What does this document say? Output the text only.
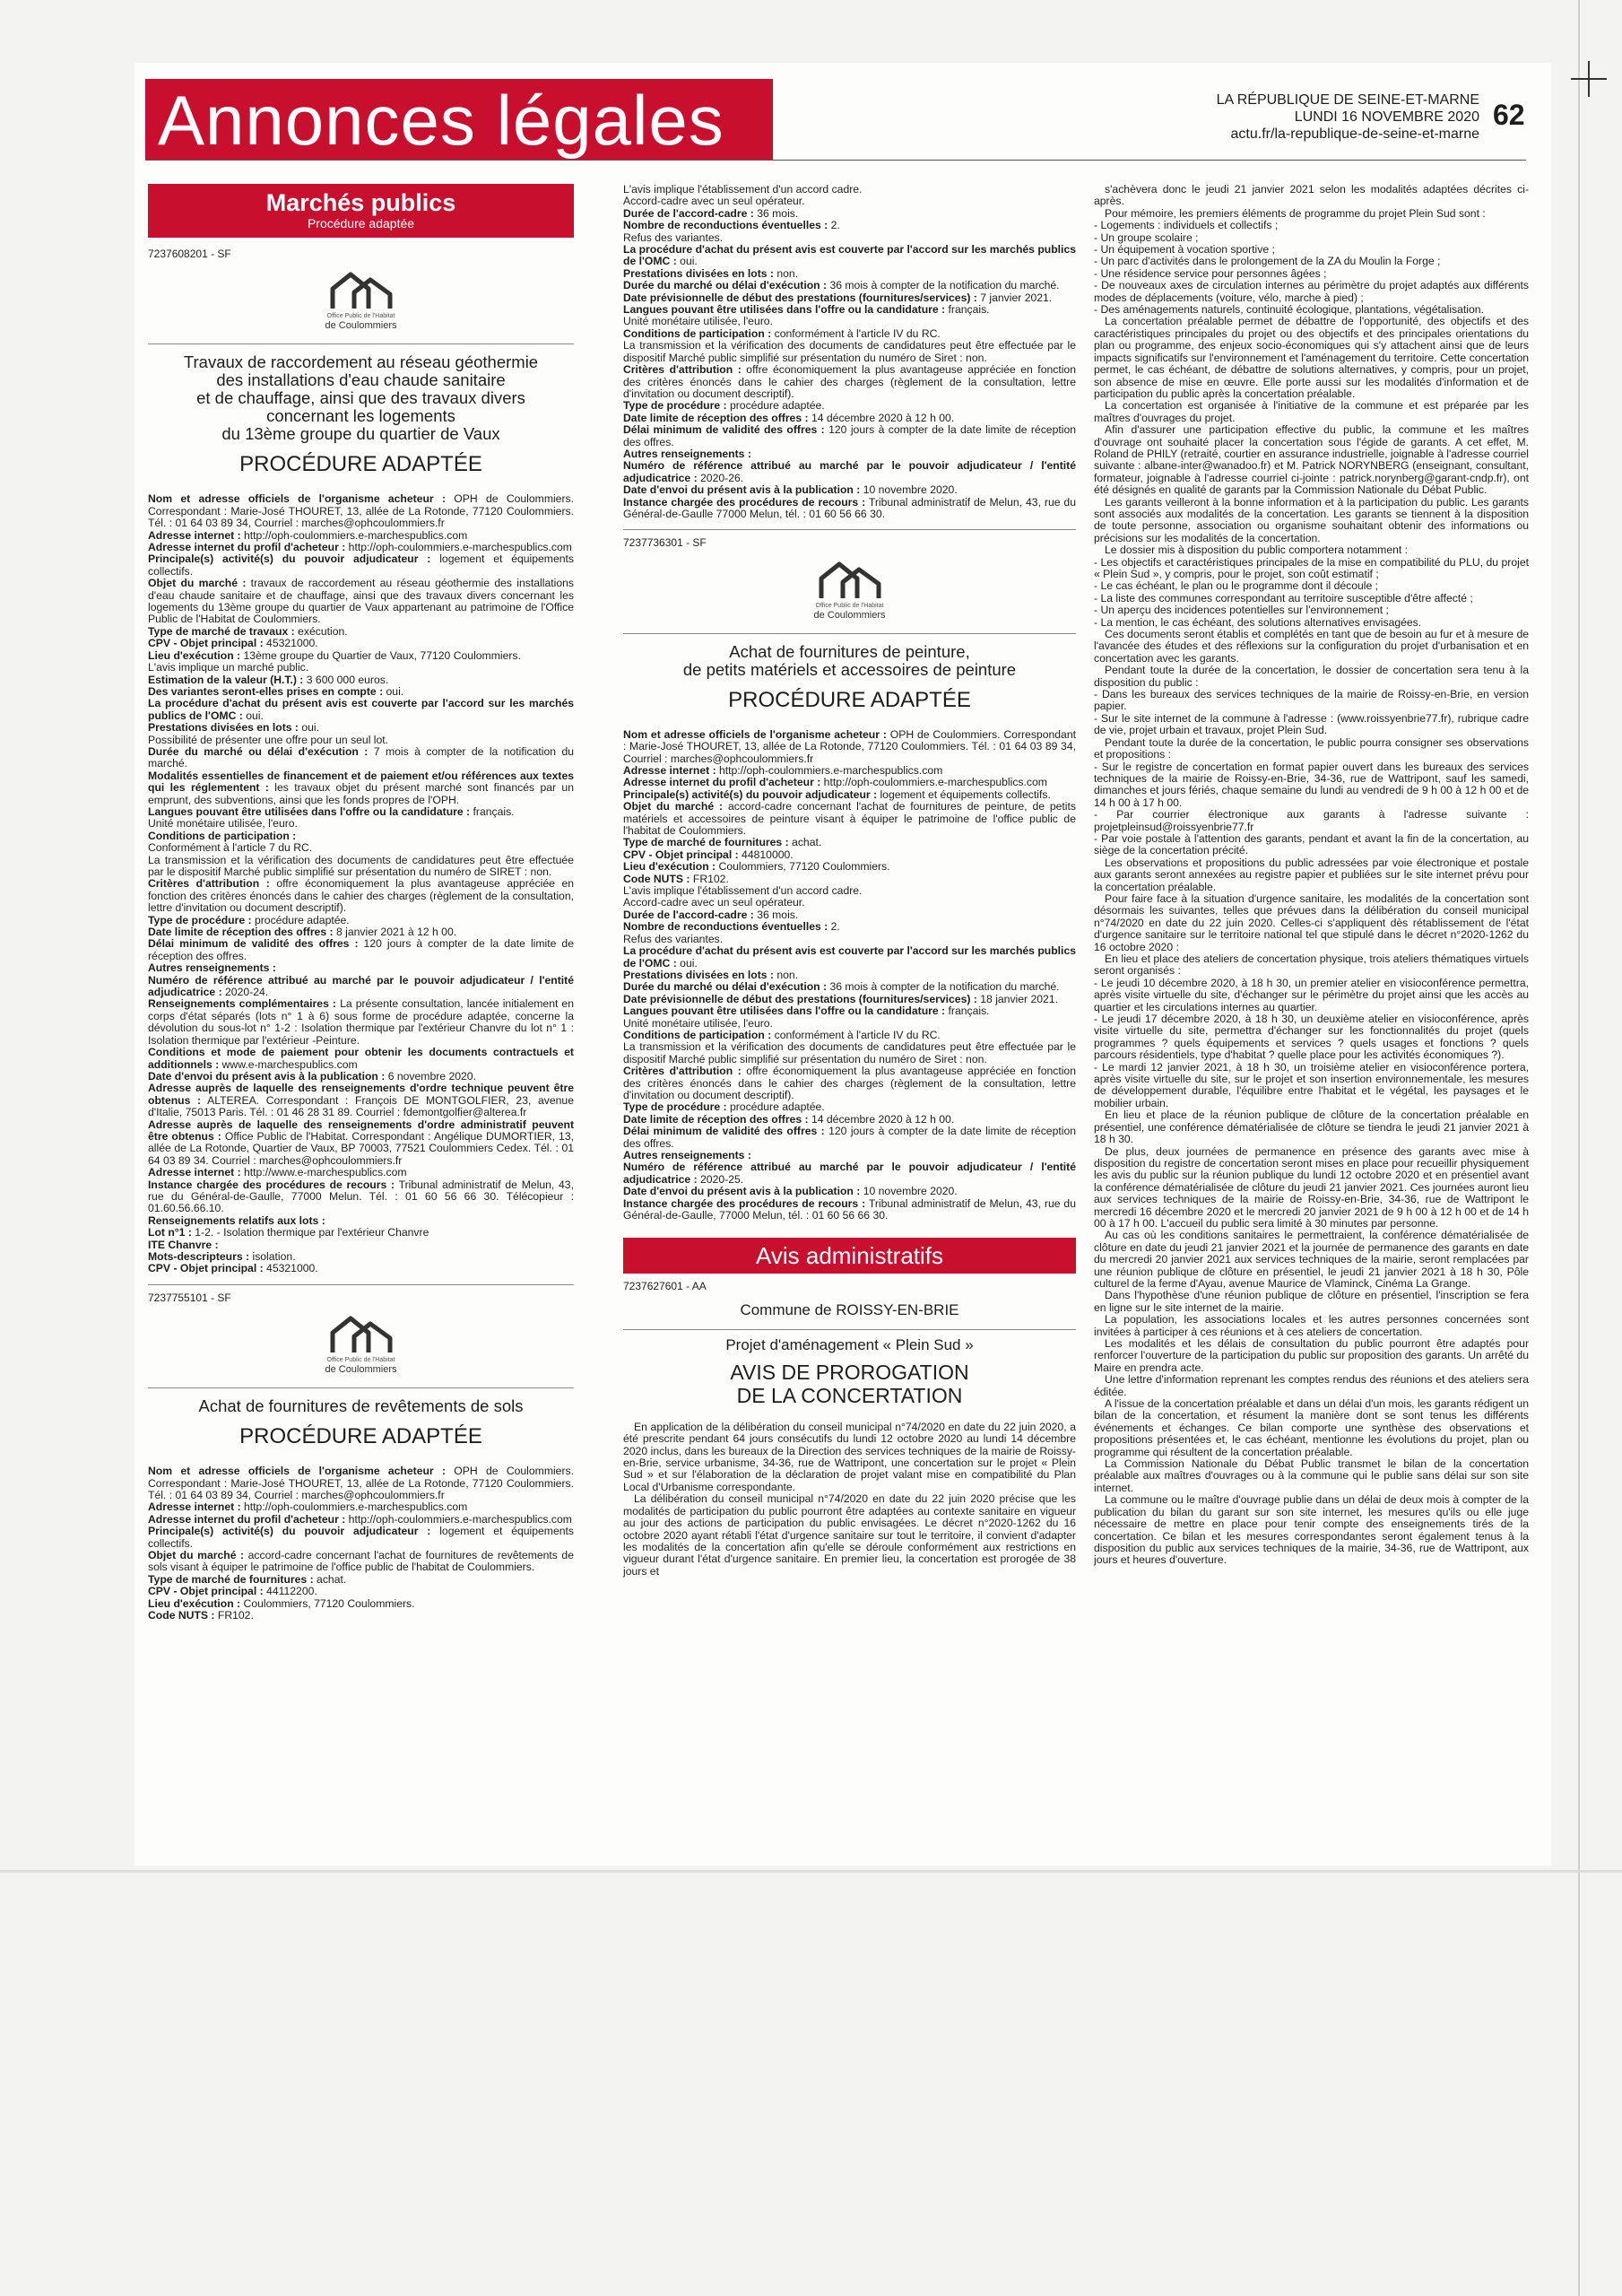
Annonces légales	LA RÉPUBLIQUE DE SEINE-ET-MARNE
LUNDI 16 NOVEMBRE 2020
actu.fr/la-republique-de-seine-et-marne
62
Marchés publics
Procédure adaptée
7237608201 - SF
Office Public de l'Habitat
de Coulommiers
Travaux de raccordement au réseau géothermie
des installations d'eau chaude sanitaire
et de chauffage, ainsi que des travaux divers
concernant les logements
du 13ème groupe du quartier de Vaux
PROCÉDURE ADAPTÉE

Nom et adresse officiels de l'organisme acheteur : OPH de Coulommiers. Correspondant : Marie-José THOURET, 13, allée de La Rotonde, 77120 Coulommiers. Tél. : 01 64 03 89 34, Courriel : marches@ophcoulommiers.fr

Adresse internet : http://oph-coulommiers.e-marchespublics.com

Adresse internet du profil d'acheteur : http://oph-coulommiers.e-marchespublics.com

Principale(s) activité(s) du pouvoir adjudicateur : logement et équipements collectifs.

Objet du marché : travaux de raccordement au réseau géothermie des installations d'eau chaude sanitaire et de chauffage, ainsi que des travaux divers concernant les logements du 13ème groupe du quartier de Vaux appartenant au patrimoine de l'Office Public de l'Habitat de Coulommiers.

Type de marché de travaux : exécution.

CPV - Objet principal : 45321000.

Lieu d'exécution : 13ème groupe du Quartier de Vaux, 77120 Coulommiers.

L'avis implique un marché public.

Estimation de la valeur (H.T.) : 3 600 000 euros.

Des variantes seront-elles prises en compte : oui.

La procédure d'achat du présent avis est couverte par l'accord sur les marchés publics de l'OMC : oui.

Prestations divisées en lots : oui.

Possibilité de présenter une offre pour un seul lot.

Durée du marché ou délai d'exécution : 7 mois à compter de la notification du marché.

Modalités essentielles de financement et de paiement et/ou références aux textes qui les réglementent : les travaux objet du présent marché sont financés par un emprunt, des subventions, ainsi que les fonds propres de l'OPH.

Langues pouvant être utilisées dans l'offre ou la candidature : français.

Unité monétaire utilisée, l'euro.

Conditions de participation :

Conformément à l'article 7 du RC.

La transmission et la vérification des documents de candidatures peut être effectuée par le dispositif Marché public simplifié sur présentation du numéro de SIRET : non.

Critères d'attribution : offre économiquement la plus avantageuse appréciée en fonction des critères énoncés dans le cahier des charges (règlement de la consultation, lettre d'invitation ou document descriptif).

Type de procédure : procédure adaptée.

Date limite de réception des offres : 8 janvier 2021 à 12 h 00.

Délai minimum de validité des offres : 120 jours à compter de la date limite de réception des offres.

Autres renseignements :

Numéro de référence attribué au marché par le pouvoir adjudicateur / l'entité adjudicatrice : 2020-24.

Renseignements complémentaires : La présente consultation, lancée initialement en corps d'état séparés (lots n° 1 à 6) sous forme de procédure adaptée, concerne la dévolution du sous-lot n° 1-2 : Isolation thermique par l'extérieur Chanvre du lot n° 1 : Isolation thermique par l'extérieur -Peinture.

Conditions et mode de paiement pour obtenir les documents contractuels et additionnels : www.e-marchespublics.com

Date d'envoi du présent avis à la publication : 6 novembre 2020.

Adresse auprès de laquelle des renseignements d'ordre technique peuvent être obtenus : ALTEREA. Correspondant : François DE MONTGOLFIER, 23, avenue d'Italie, 75013 Paris. Tél. : 01 46 28 31 89. Courriel : fdemontgolfier@alterea.fr

Adresse auprès de laquelle des renseignements d'ordre administratif peuvent être obtenus : Office Public de l'Habitat. Correspondant : Angélique DUMORTIER, 13, allée de La Rotonde, Quartier de Vaux, BP 70003, 77521 Coulommiers Cedex. Tél. : 01 64 03 89 34. Courriel : marches@ophcoulommiers.fr

Adresse internet : http://www.e-marchespublics.com

Instance chargée des procédures de recours : Tribunal administratif de Melun, 43, rue du Général-de-Gaulle, 77000 Melun. Tél. : 01 60 56 66 30. Télécopieur : 01.60.56.66.10.

Renseignements relatifs aux lots :

Lot n°1 : 1-2. - Isolation thermique par l'extérieur Chanvre

ITE Chanvre :

Mots-descripteurs : isolation.

CPV - Objet principal : 45321000.

7237755101 - SF
Office Public de l'Habitat
de Coulommiers
Achat de fournitures de revêtements de sols
PROCÉDURE ADAPTÉE

Nom et adresse officiels de l'organisme acheteur : OPH de Coulommiers. Correspondant : Marie-José THOURET, 13, allée de La Rotonde, 77120 Coulommiers. Tél. : 01 64 03 89 34, Courriel : marches@ophcoulommiers.fr

Adresse internet : http://oph-coulommiers.e-marchespublics.com

Adresse internet du profil d'acheteur : http://oph-coulommiers.e-marchespublics.com

Principale(s) activité(s) du pouvoir adjudicateur : logement et équipements collectifs.

Objet du marché : accord-cadre concernant l'achat de fournitures de revêtements de sols visant à équiper le patrimoine de l'office public de l'habitat de Coulommiers.

Type de marché de fournitures : achat.

CPV - Objet principal : 44112200.

Lieu d'exécution : Coulommiers, 77120 Coulommiers.

Code NUTS : FR102.

L'avis implique l'établissement d'un accord cadre.

Accord-cadre avec un seul opérateur.

Durée de l'accord-cadre : 36 mois.

Nombre de reconductions éventuelles : 2.

Refus des variantes.

La procédure d'achat du présent avis est couverte par l'accord sur les marchés publics de l'OMC : oui.

Prestations divisées en lots : non.

Durée du marché ou délai d'exécution : 36 mois à compter de la notification du marché.

Date prévisionnelle de début des prestations (fournitures/services) : 7 janvier 2021.

Langues pouvant être utilisées dans l'offre ou la candidature : français.

Unité monétaire utilisée, l'euro.

Conditions de participation : conformément à l'article IV du RC.

La transmission et la vérification des documents de candidatures peut être effectuée par le dispositif Marché public simplifié sur présentation du numéro de Siret : non.

Critères d'attribution : offre économiquement la plus avantageuse appréciée en fonction des critères énoncés dans le cahier des charges (règlement de la consultation, lettre d'invitation ou document descriptif).

Type de procédure : procédure adaptée.

Date limite de réception des offres : 14 décembre 2020 à 12 h 00.

Délai minimum de validité des offres : 120 jours à compter de la date limite de réception des offres.

Autres renseignements :

Numéro de référence attribué au marché par le pouvoir adjudicateur / l'entité adjudicatrice : 2020-26.

Date d'envoi du présent avis à la publication : 10 novembre 2020.

Instance chargée des procédures de recours : Tribunal administratif de Melun, 43, rue du Général-de-Gaulle 77000 Melun, tél. : 01 60 56 66 30.

7237736301 - SF
Office Public de l'Habitat
de Coulommiers
Achat de fournitures de peinture,
de petits matériels et accessoires de peinture
PROCÉDURE ADAPTÉE

Nom et adresse officiels de l'organisme acheteur : OPH de Coulommiers. Correspondant : Marie-José THOURET, 13, allée de La Rotonde, 77120 Coulommiers. Tél. : 01 64 03 89 34, Courriel : marches@ophcoulommiers.fr

Adresse internet : http://oph-coulommiers.e-marchespublics.com

Adresse internet du profil d'acheteur : http://oph-coulommiers.e-marchespublics.com

Principale(s) activité(s) du pouvoir adjudicateur : logement et équipements collectifs.

Objet du marché : accord-cadre concernant l'achat de fournitures de peinture, de petits matériels et accessoires de peinture visant à équiper le patrimoine de l'office public de l'habitat de Coulommiers.

Type de marché de fournitures : achat.

CPV - Objet principal : 44810000.

Lieu d'exécution : Coulommiers, 77120 Coulommiers.

Code NUTS : FR102.

L'avis implique l'établissement d'un accord cadre.

Accord-cadre avec un seul opérateur.

Durée de l'accord-cadre : 36 mois.

Nombre de reconductions éventuelles : 2.

Refus des variantes.

La procédure d'achat du présent avis est couverte par l'accord sur les marchés publics de l'OMC : oui.

Prestations divisées en lots : non.

Durée du marché ou délai d'exécution : 36 mois à compter de la notification du marché.

Date prévisionnelle de début des prestations (fournitures/services) : 18 janvier 2021.

Langues pouvant être utilisées dans l'offre ou la candidature : français.

Unité monétaire utilisée, l'euro.

Conditions de participation : conformément à l'article IV du RC.

La transmission et la vérification des documents de candidatures peut être effectuée par le dispositif Marché public simplifié sur présentation du numéro de Siret : non.

Critères d'attribution : offre économiquement la plus avantageuse appréciée en fonction des critères énoncés dans le cahier des charges (règlement de la consultation, lettre d'invitation ou document descriptif).

Type de procédure : procédure adaptée.

Date limite de réception des offres : 14 décembre 2020 à 12 h 00.

Délai minimum de validité des offres : 120 jours à compter de la date limite de réception des offres.

Autres renseignements :

Numéro de référence attribué au marché par le pouvoir adjudicateur / l'entité adjudicatrice : 2020-25.

Date d'envoi du présent avis à la publication : 10 novembre 2020.

Instance chargée des procédures de recours : Tribunal administratif de Melun, 43, rue du Général-de-Gaulle, 77000 Melun, tél. : 01 60 56 66 30.

Avis administratifs
7237627601 - AA
Commune de ROISSY-EN-BRIE
Projet d'aménagement « Plein Sud »
AVIS DE PROROGATION
DE LA CONCERTATION

En application de la délibération du conseil municipal n°74/2020 en date du 22 juin 2020, a été prescrite pendant 64 jours consécutifs du lundi 12 octobre 2020 au lundi 14 décembre 2020 inclus, dans les bureaux de la Direction des services techniques de la mairie de Roissy-en-Brie, service urbanisme, 34-36, rue de Wattripont, une concertation sur le projet « Plein Sud » et sur l'élaboration de la déclaration de projet valant mise en compatibilité du Plan Local d'Urbanisme correspondante.

La délibération du conseil municipal n°74/2020 en date du 22 juin 2020 précise que les modalités de participation du public pourront être adaptées au contexte sanitaire en vigueur au jour des actions de participation du public envisagées. Le décret n°2020-1262 du 16 octobre 2020 ayant rétabli l'état d'urgence sanitaire sur tout le territoire, il convient d'adapter les modalités de la concertation afin qu'elle se déroule conformément aux restrictions en vigueur durant l'état d'urgence sanitaire. En premier lieu, la concertation est prorogée de 38 jours et

s'achèvera donc le jeudi 21 janvier 2021 selon les modalités adaptées décrites ci-après.

Pour mémoire, les premiers éléments de programme du projet Plein Sud sont :

- Logements : individuels et collectifs ;

- Un groupe scolaire ;

- Un équipement à vocation sportive ;

- Un parc d'activités dans le prolongement de la ZA du Moulin la Forge ;

- Une résidence service pour personnes âgées ;

- De nouveaux axes de circulation internes au périmètre du projet adaptés aux différents modes de déplacements (voiture, vélo, marche à pied) ;

- Des aménagements naturels, continuité écologique, plantations, végétalisation.

La concertation préalable permet de débattre de l'opportunité, des objectifs et des caractéristiques principales du projet ou des objectifs et des principales orientations du plan ou programme, des enjeux socio-économiques qui s'y attachent ainsi que de leurs impacts significatifs sur l'environnement et l'aménagement du territoire. Cette concertation permet, le cas échéant, de débattre de solutions alternatives, y compris, pour un projet, son absence de mise en œuvre. Elle porte aussi sur les modalités d'information et de participation du public après la concertation préalable.

La concertation est organisée à l'initiative de la commune et est préparée par les maîtres d'ouvrages du projet.

Afin d'assurer une participation effective du public, la commune et les maîtres d'ouvrage ont souhaité placer la concertation sous l'égide de garants. A cet effet, M. Roland de PHILY (retraité, courtier en assurance industrielle, joignable à l'adresse courriel suivante : albane-inter@wanadoo.fr) et M. Patrick NORYNBERG (enseignant, consultant, formateur, joignable à l'adresse courriel ci-jointe : patrick.norynberg@garant-cndp.fr), ont été désignés en qualité de garants par la Commission Nationale du Débat Public.

Les garants veilleront à la bonne information et à la participation du public. Les garants sont associés aux modalités de la concertation. Les garants se tiennent à la disposition de toute personne, association ou organisme souhaitant obtenir des informations ou précisions sur les modalités de la concertation.

Le dossier mis à disposition du public comportera notamment :

- Les objectifs et caractéristiques principales de la mise en compatibilité du PLU, du projet « Plein Sud », y compris, pour le projet, son coût estimatif ;

- Le cas échéant, le plan ou le programme dont il découle ;

- La liste des communes correspondant au territoire susceptible d'être affecté ;

- Un aperçu des incidences potentielles sur l'environnement ;

- La mention, le cas échéant, des solutions alternatives envisagées.

Ces documents seront établis et complétés en tant que de besoin au fur et à mesure de l'avancée des études et des réflexions sur la configuration du projet d'urbanisation et en concertation avec les garants.

Pendant toute la durée de la concertation, le dossier de concertation sera tenu à la disposition du public :

- Dans les bureaux des services techniques de la mairie de Roissy-en-Brie, en version papier.

- Sur le site internet de la commune à l'adresse : (www.roissyenbrie77.fr), rubrique cadre de vie, projet urbain et travaux, projet Plein Sud.

Pendant toute la durée de la concertation, le public pourra consigner ses observations et propositions :

- Sur le registre de concertation en format papier ouvert dans les bureaux des services techniques de la mairie de Roissy-en-Brie, 34-36, rue de Wattripont, sauf les samedi, dimanches et jours fériés, chaque semaine du lundi au vendredi de 9 h 00 à 12 h 00 et de 14 h 00 à 17 h 00.

- Par courrier électronique aux garants à l'adresse suivante : projetpleinsud@roissyenbrie77.fr

- Par voie postale à l'attention des garants, pendant et avant la fin de la concertation, au siège de la concertation précité.

Les observations et propositions du public adressées par voie électronique et postale aux garants seront annexées au registre papier et publiées sur le site internet prévu pour la concertation préalable.

Pour faire face à la situation d'urgence sanitaire, les modalités de la concertation sont désormais les suivantes, telles que prévues dans la délibération du conseil municipal n°74/2020 en date du 22 juin 2020. Celles-ci s'appliquent dès rétablissement de l'état d'urgence sanitaire sur le territoire national tel que stipulé dans le décret n°2020-1262 du 16 octobre 2020 :

En lieu et place des ateliers de concertation physique, trois ateliers thématiques virtuels seront organisés :

- Le jeudi 10 décembre 2020, à 18 h 30, un premier atelier en visioconférence permettra, après visite virtuelle du site, d'échanger sur le périmètre du projet ainsi que les accès au quartier et les circulations internes au quartier.

- Le jeudi 17 décembre 2020, à 18 h 30, un deuxième atelier en visioconférence, après visite virtuelle du site, permettra d'échanger sur les fonctionnalités du projet (quels programmes ? quels équipements et services ? quels usages et fonctions ? quels parcours résidentiels, type d'habitat ? quelle place pour les activités économiques ?).

- Le mardi 12 janvier 2021, à 18 h 30, un troisième atelier en visioconférence portera, après visite virtuelle du site, sur le projet et son insertion environnementale, les mesures de développement durable, l'équilibre entre l'habitat et le végétal, les paysages et le mobilier urbain.

En lieu et place de la réunion publique de clôture de la concertation préalable en présentiel, une conférence dématérialisée de clôture se tiendra le jeudi 21 janvier 2021 à 18 h 30.

De plus, deux journées de permanence en présence des garants avec mise à disposition du registre de concertation seront mises en place pour recueillir physiquement les avis du public sur la réunion publique du lundi 12 octobre 2020 et en présentiel avant la conférence dématérialisée de clôture du jeudi 21 janvier 2021. Ces journées auront lieu aux services techniques de la mairie de Roissy-en-Brie, 34-36, rue de Wattripont le mercredi 16 décembre 2020 et le mercredi 20 janvier 2021 de 9 h 00 à 12 h 00 et de 14 h 00 à 17 h 00. L'accueil du public sera limité à 30 minutes par personne.

Au cas où les conditions sanitaires le permettraient, la conférence dématérialisée de clôture en date du jeudi 21 janvier 2021 et la journée de permanence des garants en date du mercredi 20 janvier 2021 aux services techniques de la mairie, seront remplacées par une réunion publique de clôture en présentiel, le jeudi 21 janvier 2021 à 18 h 30, Pôle culturel de la ferme d'Ayau, avenue Maurice de Vlaminck, Cinéma La Grange.

Dans l'hypothèse d'une réunion publique de clôture en présentiel, l'inscription se fera en ligne sur le site internet de la mairie.

La population, les associations locales et les autres personnes concernées sont invitées à participer à ces réunions et à ces ateliers de concertation.

Les modalités et les délais de consultation du public pourront être adaptés pour renforcer l'ouverture de la participation du public sur proposition des garants. Un arrêté du Maire en prendra acte.

Une lettre d'information reprenant les comptes rendus des réunions et des ateliers sera éditée.

A l'issue de la concertation préalable et dans un délai d'un mois, les garants rédigent un bilan de la concertation, et résument la manière dont se sont tenus les différents événements et échanges. Ce bilan comporte une synthèse des observations et propositions présentées et, le cas échéant, mentionne les évolutions du projet, plan ou programme qui résultent de la concertation préalable.

La Commission Nationale du Débat Public transmet le bilan de la concertation préalable aux maîtres d'ouvrages ou à la commune qui le publie sans délai sur son site internet.

La commune ou le maître d'ouvrage publie dans un délai de deux mois à compter de la publication du bilan du garant sur son site internet, les mesures qu'ils ou elle juge nécessaire de mettre en place pour tenir compte des enseignements tirés de la concertation. Ce bilan et les mesures correspondantes seront également tenus à la disposition du public aux services techniques de la mairie, 34-36, rue de Wattripont, aux jours et heures d'ouverture.
